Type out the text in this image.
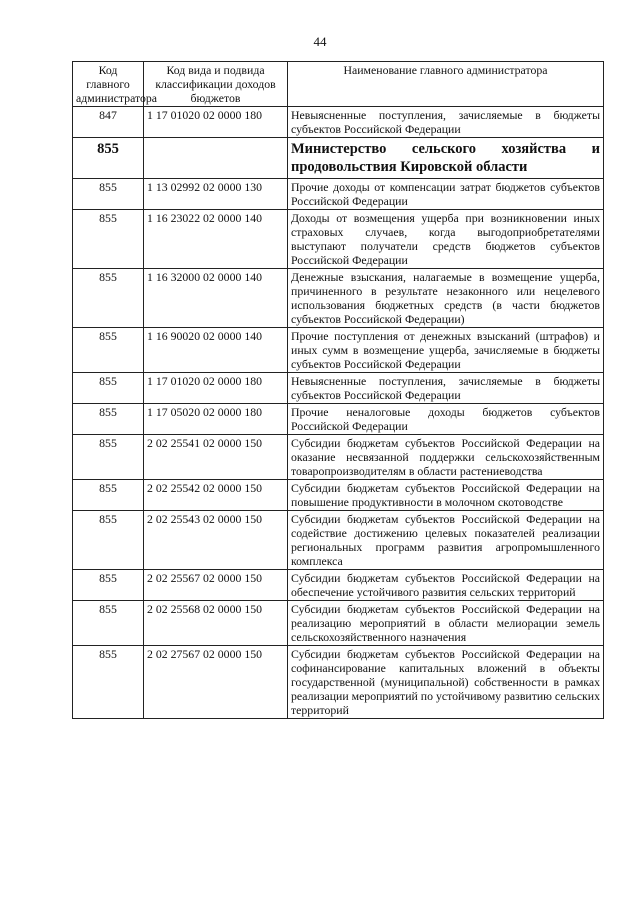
44
Код главного администратора	Код вида и подвида классификации доходов бюджетов	Наименование главного администратора
847	1 17 01020 02 0000 180	Невыясненные поступления, зачисляемые в бюджеты субъектов Российской Федерации
855		Министерство сельского хозяйства и продовольствия Кировской области
855	1 13 02992 02 0000 130	Прочие доходы от компенсации затрат бюджетов субъектов Российской Федерации
855	1 16 23022 02 0000 140	Доходы от возмещения ущерба при возникновении иных страховых случаев, когда выгодоприобретателями выступают получатели средств бюджетов субъектов Российской Федерации
855	1 16 32000 02 0000 140	Денежные взыскания, налагаемые в возмещение ущерба, причиненного в результате незаконного или нецелевого использования бюджетных средств (в части бюджетов субъектов Российской Федерации)
855	1 16 90020 02 0000 140	Прочие поступления от денежных взысканий (штрафов) и иных сумм в возмещение ущерба, зачисляемые в бюджеты субъектов Российской Федерации
855	1 17 01020 02 0000 180	Невыясненные поступления, зачисляемые в бюджеты субъектов Российской Федерации
855	1 17 05020 02 0000 180	Прочие неналоговые доходы бюджетов субъектов Российской Федерации
855	2 02 25541 02 0000 150	Субсидии бюджетам субъектов Российской Федерации на оказание несвязанной поддержки сельскохозяйственным товаропроизводителям в области растениеводства
855	2 02 25542 02 0000 150	Субсидии бюджетам субъектов Российской Федерации на повышение продуктивности в молочном скотоводстве
855	2 02 25543 02 0000 150	Субсидии бюджетам субъектов Российской Федерации на содействие достижению целевых показателей реализации региональных программ развития агропромышленного комплекса
855	2 02 25567 02 0000 150	Субсидии бюджетам субъектов Российской Федерации на обеспечение устойчивого развития сельских территорий
855	2 02 25568 02 0000 150	Субсидии бюджетам субъектов Российской Федерации на реализацию мероприятий в области мелиорации земель сельскохозяйственного назначения
855	2 02 27567 02 0000 150	Субсидии бюджетам субъектов Российской Федерации на софинансирование капитальных вложений в объекты государственной (муниципальной) собственности в рамках реализации мероприятий по устойчивому развитию сельских территорий
